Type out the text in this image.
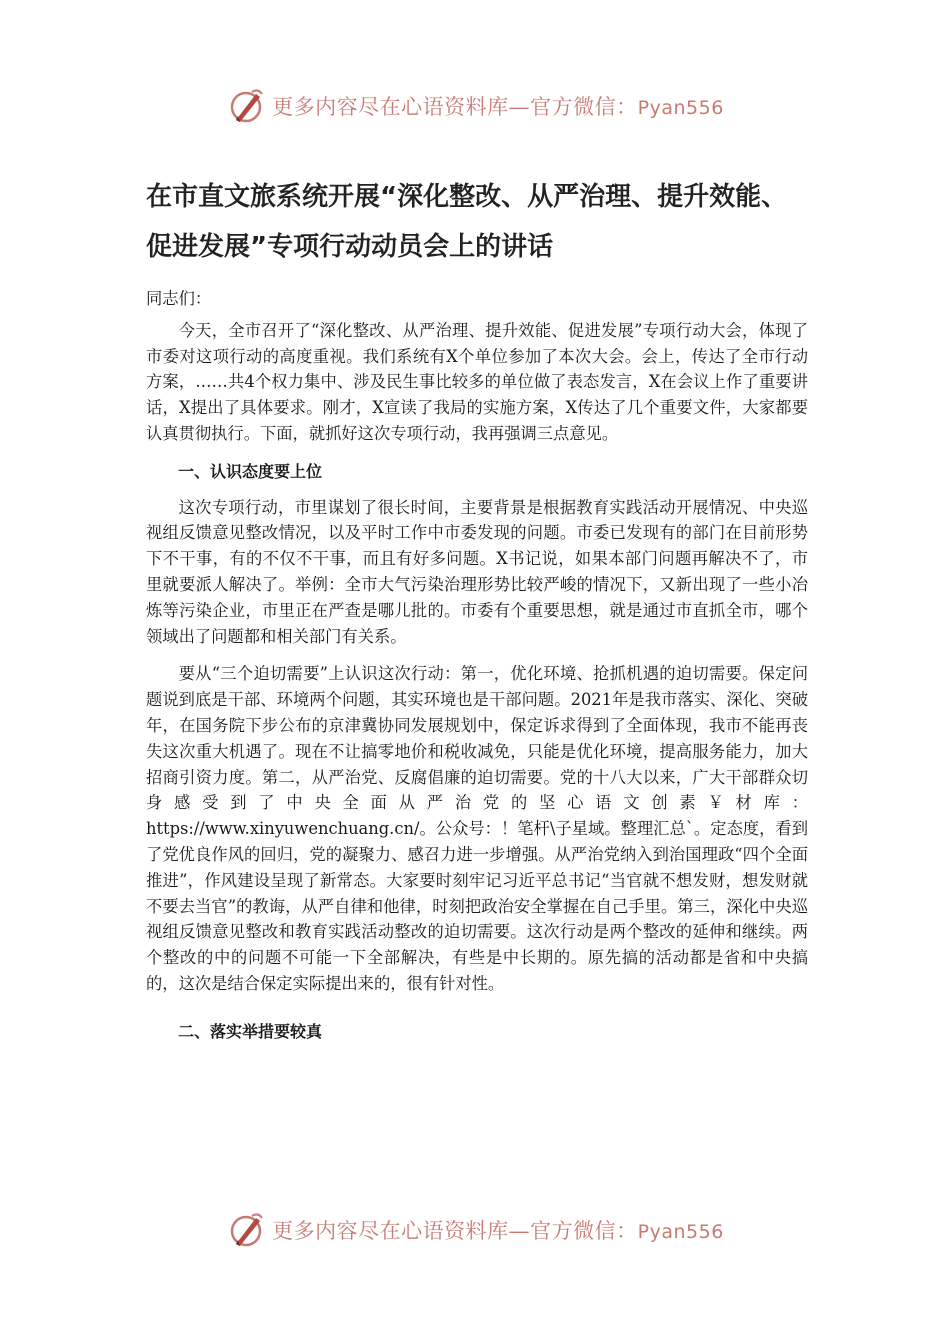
更多内容尽在心语资料库—官方微信：Pyan556
在市直文旅系统开展“深化整改、从严治理、提升效能、促进发展”专项行动动员会上的讲话

同志们：

今天，全市召开了“深化整改、从严治理、提升效能、促进发展”专项行动大会，体现了市委对这项行动的高度重视。我们系统有X个单位参加了本次大会。会上，传达了全市行动方案，……共4个权力集中、涉及民生事比较多的单位做了表态发言，X在会议上作了重要讲话，X提出了具体要求。刚才，X宣读了我局的实施方案，X传达了几个重要文件，大家都要认真贯彻执行。下面，就抓好这次专项行动，我再强调三点意见。

一、认识态度要上位

这次专项行动，市里谋划了很长时间，主要背景是根据教育实践活动开展情况、中央巡视组反馈意见整改情况，以及平时工作中市委发现的问题。市委已发现有的部门在目前形势下不干事，有的不仅不干事，而且有好多问题。X书记说，如果本部门问题再解决不了，市里就要派人解决了。举例：全市大气污染治理形势比较严峻的情况下，又新出现了一些小冶炼等污染企业，市里正在严查是哪儿批的。市委有个重要思想，就是通过市直抓全市，哪个领域出了问题都和相关部门有关系。

要从“三个迫切需要”上认识这次行动：第一，优化环境、抢抓机遇的迫切需要。保定问题说到底是干部、环境两个问题，其实环境也是干部问题。2021年是我市落实、深化、突破年，在国务院下步公布的京津冀协同发展规划中，保定诉求得到了全面体现，我市不能再丧失这次重大机遇了。现在不让搞零地价和税收减免，只能是优化环境，提高服务能力，加大招商引资力度。第二，从严治党、反腐倡廉的迫切需要。党的十八大以来，广大干部群众切身感受到了中央全面从严治党的坚心语文创素￥材库：https://www.xinyuwenchuang.cn/。公众号：！笔杆\子星域。整理汇总`。定态度，看到了党优良作风的回归，党的凝聚力、感召力进一步增强。从严治党纳入到治国理政“四个全面推进”，作风建设呈现了新常态。大家要时刻牢记习近平总书记“当官就不想发财，想发财就不要去当官”的教诲，从严自律和他律，时刻把政治安全掌握在自己手里。第三，深化中央巡视组反馈意见整改和教育实践活动整改的迫切需要。这次行动是两个整改的延伸和继续。两个整改的中的问题不可能一下全部解决，有些是中长期的。原先搞的活动都是省和中央搞的，这次是结合保定实际提出来的，很有针对性。

二、落实举措要较真

更多内容尽在心语资料库—官方微信：Pyan556
